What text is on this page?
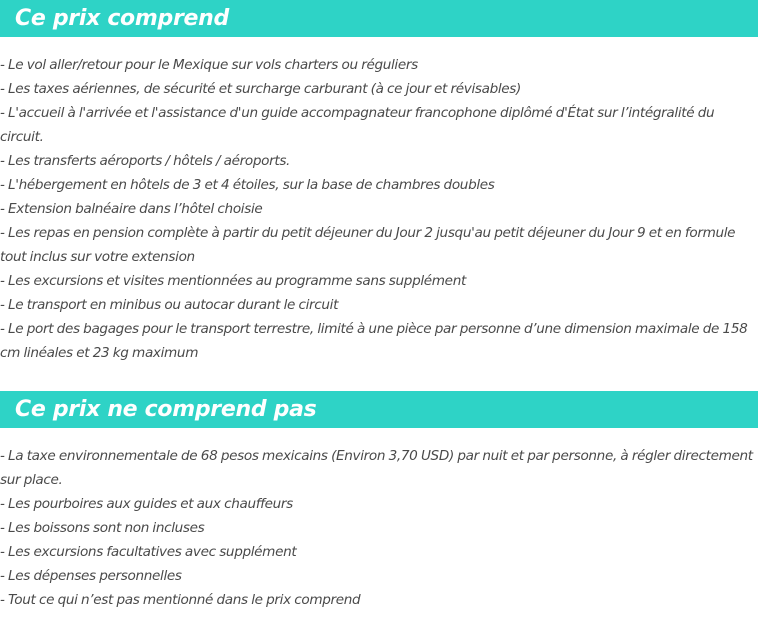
Ce prix comprend
- Le vol aller/retour pour le Mexique sur vols charters ou réguliers
- Les taxes aériennes, de sécurité et surcharge carburant (à ce jour et révisables)
- L'accueil à l'arrivée et l'assistance d'un guide accompagnateur francophone diplômé d'État sur l’intégralité du circuit.
- Les transferts aéroports / hôtels / aéroports.
- L'hébergement en hôtels de 3 et 4 étoiles, sur la base de chambres doubles
- Extension balnéaire dans l’hôtel choisie
- Les repas en pension complète à partir du petit déjeuner du Jour 2 jusqu'au petit déjeuner du Jour 9 et en formule tout inclus sur votre extension
- Les excursions et visites mentionnées au programme sans supplément
- Le transport en minibus ou autocar durant le circuit
- Le port des bagages pour le transport terrestre, limité à une pièce par personne d’une dimension maximale de 158 cm linéales et 23 kg maximum
Ce prix ne comprend pas
- La taxe environnementale de 68 pesos mexicains (Environ 3,70 USD) par nuit et par personne, à régler directement sur place.
- Les pourboires aux guides et aux chauffeurs
- Les boissons sont non incluses
- Les excursions facultatives avec supplément
- Les dépenses personnelles
- Tout ce qui n’est pas mentionné dans le prix comprend
